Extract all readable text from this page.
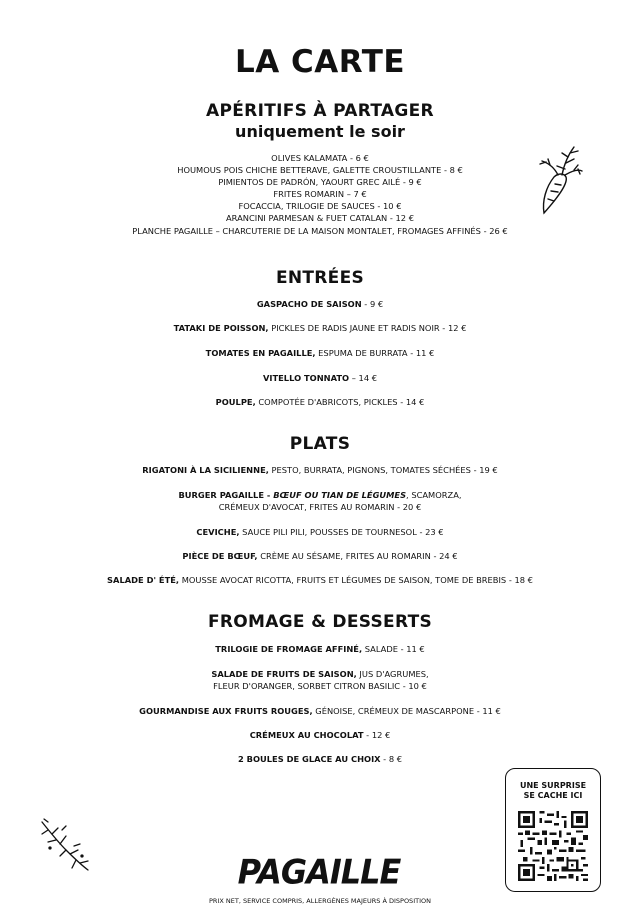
LA CARTE
APÉRITIFS À PARTAGER
uniquement le soir
OLIVES KALAMATA - 6 €
HOUMOUS POIS CHICHE BETTERAVE, GALETTE CROUSTILLANTE - 8 €
PIMIENTOS DE PADRÓN, YAOURT GREC AILÉ - 9 €
FRITES ROMARIN – 7 €
FOCACCIA, TRILOGIE DE SAUCES - 10 €
ARANCINI PARMESAN & FUET CATALAN - 12 €
PLANCHE PAGAILLE – CHARCUTERIE DE LA MAISON MONTALET, FROMAGES AFFINÉS - 26 €
ENTRÉES
GASPACHO DE SAISON - 9 €
TATAKI DE POISSON, PICKLES DE RADIS JAUNE ET RADIS NOIR - 12 €
TOMATES EN PAGAILLE, ESPUMA DE BURRATA - 11 €
VITELLO TONNATO – 14 €
POULPE, COMPOTÉE D'ABRICOTS, PICKLES - 14 €
PLATS
RIGATONI À LA SICILIENNE, PESTO, BURRATA, PIGNONS, TOMATES SÉCHÉES - 19 €
BURGER PAGAILLE - BŒUF OU TIAN DE LÉGUMES, SCAMORZA,
CRÉMEUX D'AVOCAT, FRITES AU ROMARIN - 20 €
CEVICHE, SAUCE PILI PILI, POUSSES DE TOURNESOL - 23 €
PIÈCE DE BŒUF, CRÈME AU SÉSAME, FRITES AU ROMARIN - 24 €
SALADE D' ÉTÉ, MOUSSE AVOCAT RICOTTA, FRUITS ET LÉGUMES DE SAISON, TOME DE BREBIS - 18 €
FROMAGE & DESSERTS
TRILOGIE DE FROMAGE AFFINÉ, SALADE - 11 €
SALADE DE FRUITS DE SAISON, JUS D'AGRUMES,
FLEUR D'ORANGER, SORBET CITRON BASILIC - 10 €
GOURMANDISE AUX FRUITS ROUGES, GÉNOISE, CRÉMEUX DE MASCARPONE - 11 €
CRÉMEUX AU CHOCOLAT - 12 €
2 BOULES DE GLACE AU CHOIX - 8 €
UNE SURPRISE
SE CACHE ICI
PAGAILLE
PRIX NET, SERVICE COMPRIS, ALLERGÈNES MAJEURS À DISPOSITION
